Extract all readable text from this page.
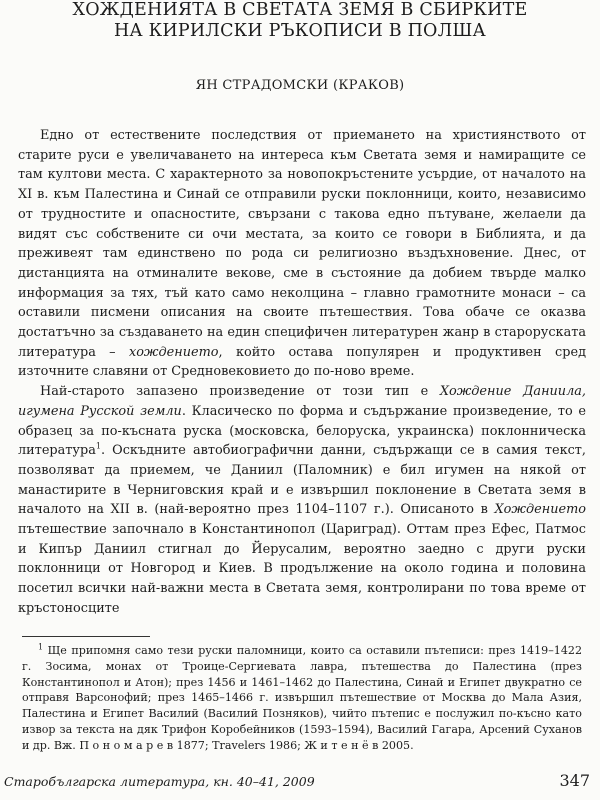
ХОЖДЕНИЯТА В СВЕТАТА ЗЕМЯ В СБИРКИТЕ
НА КИРИЛСКИ РЪКОПИСИ В ПОЛША
ЯН СТРАДОМСКИ (КРАКОВ)

Едно от естествените последствия от приемането на християнството от старите руси е увеличаването на интереса към Светата земя и намиращите се там култови места. С характерното за новопокръстените усърдие, от началото на XI в. към Палестина и Синай се отправили руски поклонници, които, независимо от трудностите и опасностите, свързани с такова едно пътуване, желаели да видят със собствените си очи местата, за които се говори в Библията, и да преживеят там единствено по рода си религиозно въздъхновение. Днес, от дистанцията на отминалите векове, сме в състояние да добием твърде малко информация за тях, тъй като само неколцина – главно грамотните монаси – са оставили писмени описания на своите пътешествия. Това обаче се оказва достатъчно за създаването на един специфичен литературен жанр в староруската литература – хождението, който остава популярен и продуктивен сред източните славяни от Средновековието до по-ново време.

Най-старото запазено произведение от този тип е Хождение Даниила, игумена Русской земли. Класическо по форма и съдържание произведение, то е образец за по-късната руска (московска, белоруска, украинска) поклонническа литература$^1$. Оскъдните автобиографични данни, съдържащи се в самия текст, позволяват да приемем, че Даниил (Паломник) е бил игумен на някой от манастирите в Черниговския край и е извършил поклонение в Светата земя в началото на XII в. (най-вероятно през 1104–1107 г.). Описаното в Хождението пътешествие започнало в Константинопол (Цариград). Оттам през Ефес, Патмос и Кипър Даниил стигнал до Йерусалим, вероятно заедно с други руски поклонници от Новгород и Киев. В продължение на около година и половина посетил всички най-важни места в Светата земя, контролирани по това време от кръстоносците

$^1$ Ще припомня само тези руски паломници, които са оставили пътеписи: през 1419–1422 г. Зосима, монах от Троице-Сергиевата лавра, пътешества до Палестина (през Константинопол и Атон); през 1456 и 1461–1462 до Палестина, Синай и Египет двукратно се отправя Варсонофий; през 1465–1466 г. извършил пътешествие от Москва до Мала Азия, Палестина и Египет Василий (Василий Позняков), чийто пътепис е послужил по-късно като извор за текста на дяк Трифон Коробейников (1593–1594), Василий Гагара, Арсений Суханов и др. Вж. П о н о м а р е в 1877; Travelers 1986; Ж и т е н ё в 2005.

Старобългарска литература, кн. 40–41, 2009	347
